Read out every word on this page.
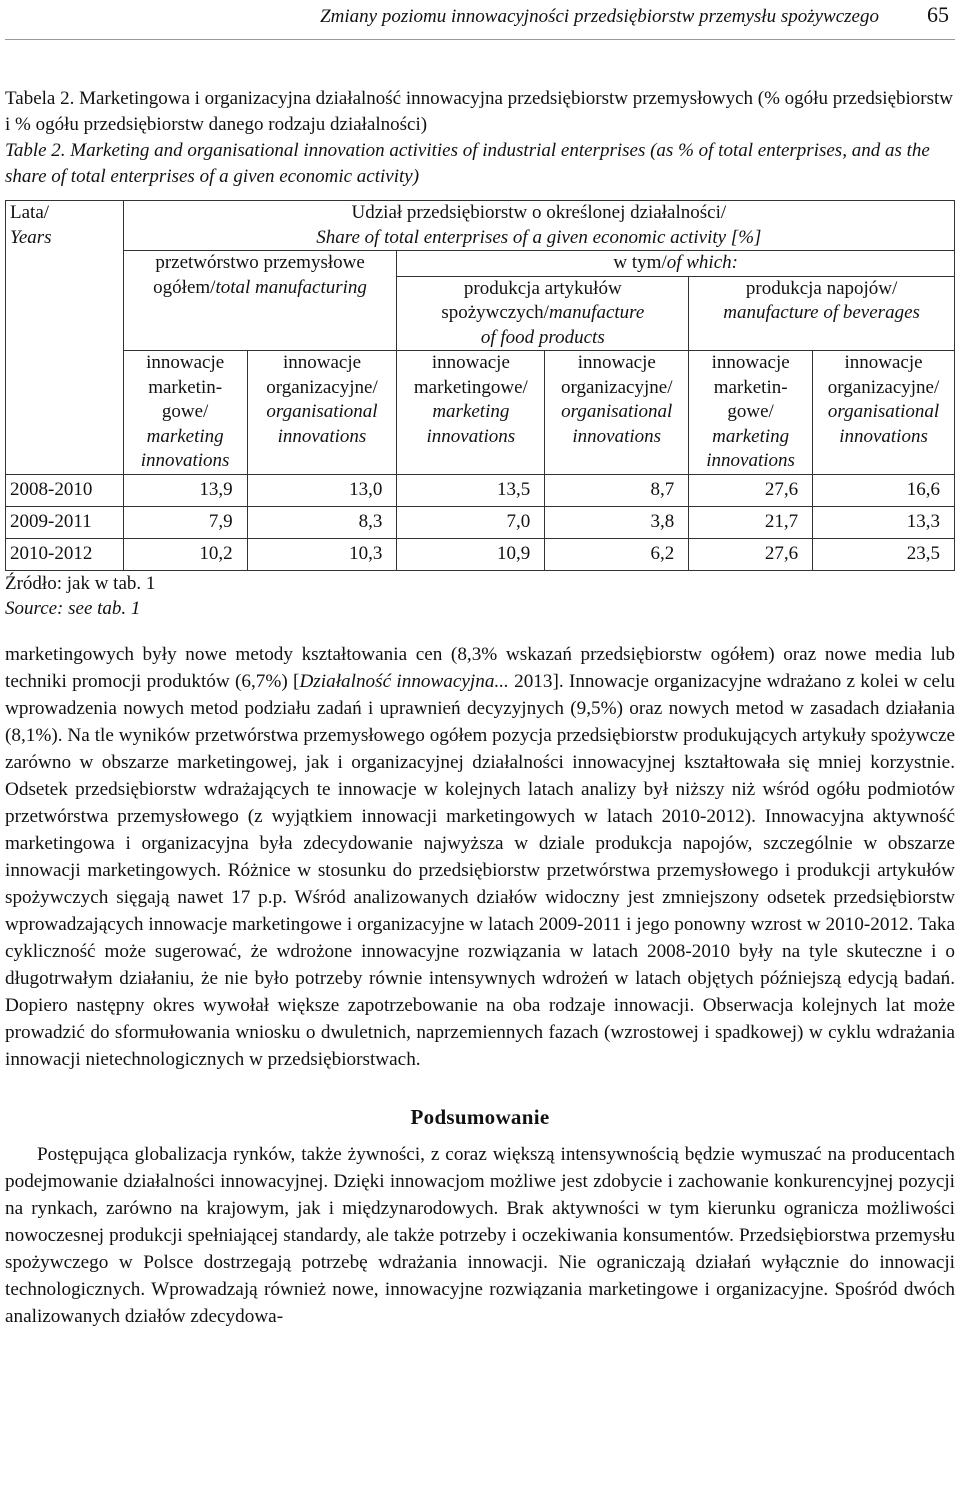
Zmiany poziomu innowacyjności przedsiębiorstw przemysłu spożywczego 65

Tabela 2. Marketingowa i organizacyjna działalność innowacyjna przedsiębiorstw przemysłowych (% ogółu przedsiębiorstw i % ogółu przedsiębiorstw danego rodzaju działalności)

Table 2. Marketing and organisational innovation activities of industrial enterprises (as % of total enterprises, and as the share of total enterprises of a given economic activity)

Lata/
Years	Udział przedsiębiorstw o określonej działalności/
Share of total enterprises of a given economic activity [%]					
	przetwórstwo przemysłowe
ogółem/total manufacturing		w tym/of which:			
			produkcja artykułów
spożywczych/manufacture
of food products		produkcja napojów/
manufacture of beverages	
	innowacje
marketin-
gowe/
marketing
innovations	innowacje
organizacyjne/
organisational
innovations	innowacje
marketingowe/
marketing
innovations	innowacje
organizacyjne/
organisational
innovations	innowacje
marketin-
gowe/
marketing
innovations	innowacje
organizacyjne/
organisational
innovations
2008-2010	13,9	13,0	13,5	8,7	27,6	16,6
2009-2011	7,9	8,3	7,0	3,8	21,7	13,3
2010-2012	10,2	10,3	10,9	6,2	27,6	23,5

Źródło: jak w tab. 1

Source: see tab. 1

marketingowych były nowe metody kształtowania cen (8,3% wskazań przedsiębiorstw ogółem) oraz nowe media lub techniki promocji produktów (6,7%) [Działalność innowacyjna... 2013]. Innowacje organizacyjne wdrażano z kolei w celu wprowadzenia nowych metod podziału zadań i uprawnień decyzyjnych (9,5%) oraz nowych metod w zasadach działania (8,1%). Na tle wyników przetwórstwa przemysłowego ogółem pozycja przedsiębiorstw produkujących artykuły spożywcze zarówno w obszarze marketingowej, jak i organizacyjnej działalności innowacyjnej kształtowała się mniej korzystnie. Odsetek przedsiębiorstw wdrażających te innowacje w kolejnych latach analizy był niższy niż wśród ogółu podmiotów przetwórstwa przemysłowego (z wyjątkiem innowacji marketingowych w latach 2010-2012). Innowacyjna aktywność marketingowa i organizacyjna była zdecydowanie najwyższa w dziale produkcja napojów, szczególnie w obszarze innowacji marketingowych. Różnice w stosunku do przedsiębiorstw przetwórstwa przemysłowego i produkcji artykułów spożywczych sięgają nawet 17 p.p. Wśród analizowanych działów widoczny jest zmniejszony odsetek przedsiębiorstw wprowadzających innowacje marketingowe i organizacyjne w latach 2009-2011 i jego ponowny wzrost w 2010-2012. Taka cykliczność może sugerować, że wdrożone innowacyjne rozwiązania w latach 2008-2010 były na tyle skuteczne i o długotrwałym działaniu, że nie było potrzeby równie intensywnych wdrożeń w latach objętych późniejszą edycją badań. Dopiero następny okres wywołał większe zapotrzebowanie na oba rodzaje innowacji. Obserwacja kolejnych lat może prowadzić do sformułowania wniosku o dwuletnich, naprzemiennych fazach (wzrostowej i spadkowej) w cyklu wdrażania innowacji nietechnologicznych w przedsiębiorstwach.

Podsumowanie

Postępująca globalizacja rynków, także żywności, z coraz większą intensywnością będzie wymuszać na producentach podejmowanie działalności innowacyjnej. Dzięki innowacjom możliwe jest zdobycie i zachowanie konkurencyjnej pozycji na rynkach, zarówno na krajowym, jak i międzynarodowych. Brak aktywności w tym kierunku ogranicza możliwości nowoczesnej produkcji spełniającej standardy, ale także potrzeby i oczekiwania konsumentów. Przedsiębiorstwa przemysłu spożywczego w Polsce dostrzegają potrzebę wdrażania innowacji. Nie ograniczają działań wyłącznie do innowacji technologicznych. Wprowadzają również nowe, innowacyjne rozwiązania marketingowe i organizacyjne. Spośród dwóch analizowanych działów zdecydowa-
